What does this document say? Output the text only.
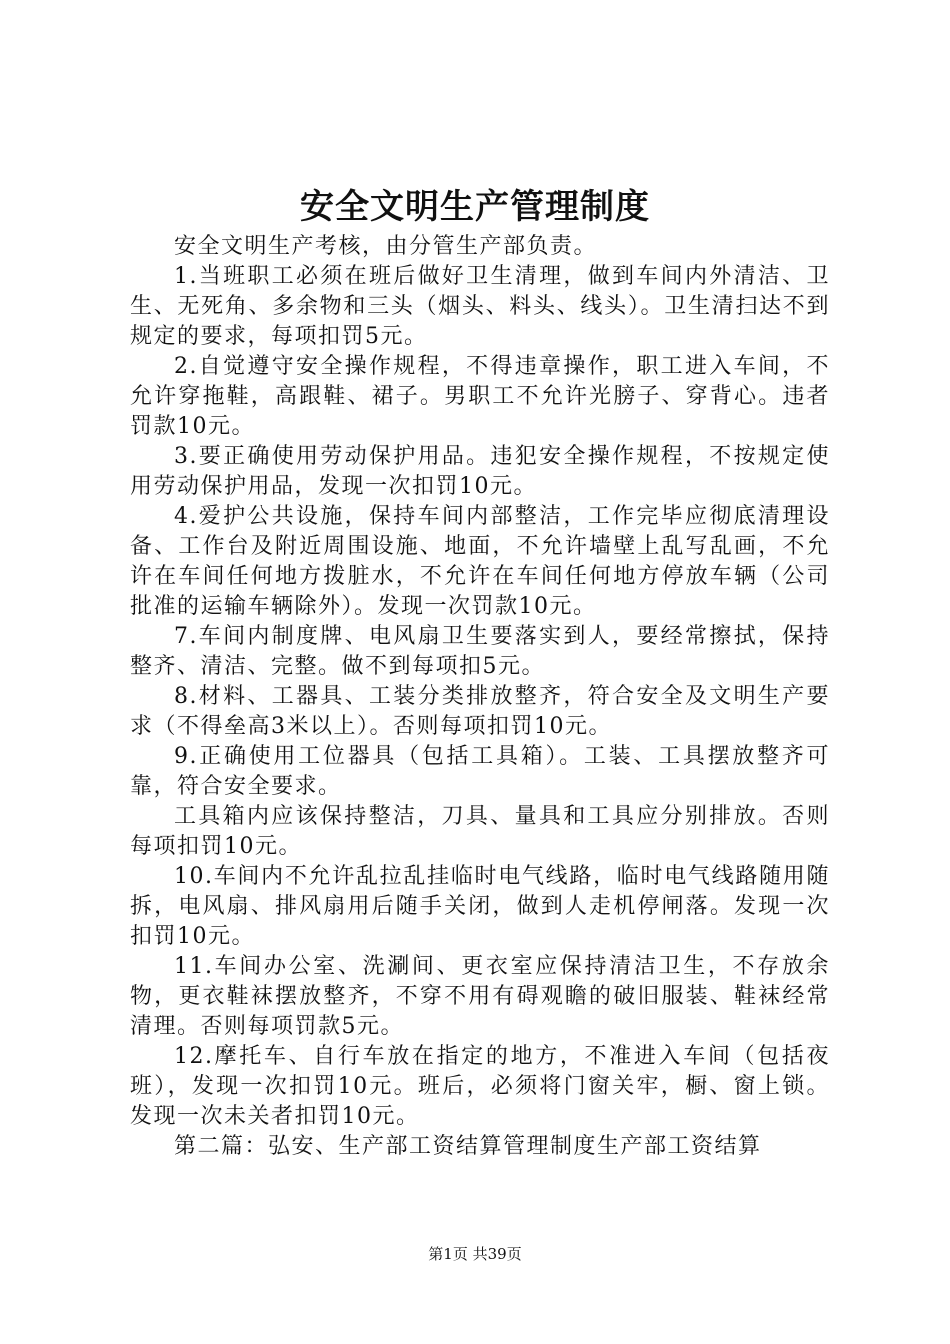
安全文明生产管理制度

安全文明生产考核，由分管生产部负责。

1.当班职工必须在班后做好卫生清理，做到车间内外清洁、卫生、无死角、多余物和三头（烟头、料头、线头）。卫生清扫达不到规定的要求，每项扣罚5元。

2.自觉遵守安全操作规程，不得违章操作，职工进入车间，不允许穿拖鞋，高跟鞋、裙子。男职工不允许光膀子、穿背心。违者罚款10元。

3.要正确使用劳动保护用品。违犯安全操作规程，不按规定使用劳动保护用品，发现一次扣罚10元。

4.爱护公共设施，保持车间内部整洁，工作完毕应彻底清理设备、工作台及附近周围设施、地面，不允许墙壁上乱写乱画，不允许在车间任何地方拨脏水，不允许在车间任何地方停放车辆（公司批准的运输车辆除外）。发现一次罚款10元。

7.车间内制度牌、电风扇卫生要落实到人，要经常擦拭，保持整齐、清洁、完整。做不到每项扣5元。

8.材料、工器具、工装分类排放整齐，符合安全及文明生产要求（不得垒高3米以上）。否则每项扣罚10元。

9.正确使用工位器具（包括工具箱）。工装、工具摆放整齐可靠，符合安全要求。

工具箱内应该保持整洁，刀具、量具和工具应分别排放。否则每项扣罚10元。

10.车间内不允许乱拉乱挂临时电气线路，临时电气线路随用随拆，电风扇、排风扇用后随手关闭，做到人走机停闸落。发现一次扣罚10元。

11.车间办公室、洗涮间、更衣室应保持清洁卫生，不存放余物，更衣鞋袜摆放整齐，不穿不用有碍观瞻的破旧服装、鞋袜经常清理。否则每项罚款5元。

12.摩托车、自行车放在指定的地方，不准进入车间（包括夜班），发现一次扣罚10元。班后，必须将门窗关牢，橱、窗上锁。发现一次未关者扣罚10元。

第二篇：弘安、生产部工资结算管理制度生产部工资结算

第1页 共39页
